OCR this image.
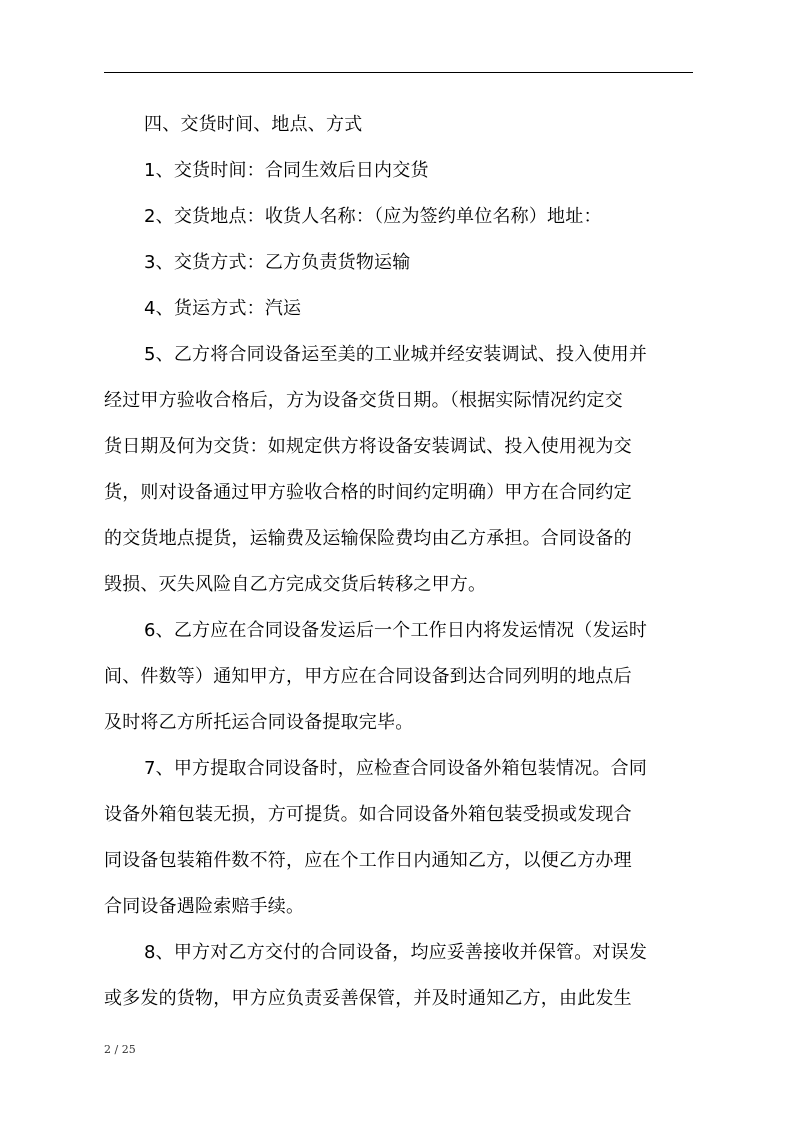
四、交货时间、地点、方式
1、交货时间：合同生效后日内交货
2、交货地点：收货人名称：（应为签约单位名称）地址：
3、交货方式：乙方负责货物运输
4、货运方式：汽运
5、乙方将合同设备运至美的工业城并经安装调试、投入使用并
经过甲方验收合格后，方为设备交货日期。（根据实际情况约定交
货日期及何为交货：如规定供方将设备安装调试、投入使用视为交
货，则对设备通过甲方验收合格的时间约定明确）甲方在合同约定
的交货地点提货，运输费及运输保险费均由乙方承担。合同设备的
毁损、灭失风险自乙方完成交货后转移之甲方。
6、乙方应在合同设备发运后一个工作日内将发运情况（发运时
间、件数等）通知甲方，甲方应在合同设备到达合同列明的地点后
及时将乙方所托运合同设备提取完毕。
7、甲方提取合同设备时，应检查合同设备外箱包装情况。合同
设备外箱包装无损，方可提货。如合同设备外箱包装受损或发现合
同设备包装箱件数不符，应在个工作日内通知乙方，以便乙方办理
合同设备遇险索赔手续。
8、甲方对乙方交付的合同设备，均应妥善接收并保管。对误发
或多发的货物，甲方应负责妥善保管，并及时通知乙方，由此发生
2 / 25
